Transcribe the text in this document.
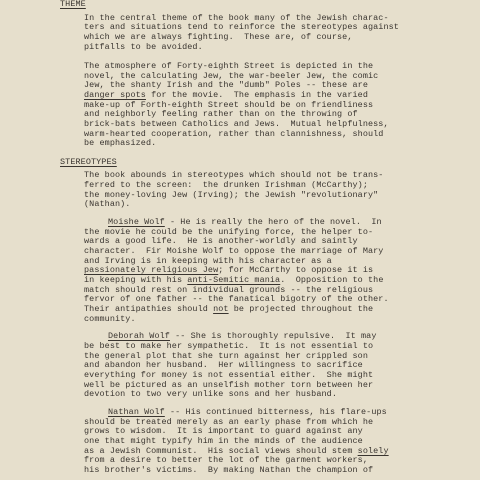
THEME
In the central theme of the book many of the Jewish charac-
ters and situations tend to reinforce the stereotypes against
which we are always fighting.  These are, of course,
pitfalls to be avoided.
The atmosphere of Forty-eighth Street is depicted in the
novel, the calculating Jew, the war-beeler Jew, the comic
Jew, the shanty Irish and the "dumb" Poles -- these are
danger spots for the movie.  The emphasis in the varied
make-up of Forth-eighth Street should be on friendliness
and neighborly feeling rather than on the throwing of
brick-bats between Catholics and Jews.  Mutual helpfulness,
warm-hearted cooperation, rather than clannishness, should
be emphasized.
STEREOTYPES
The book abounds in stereotypes which should not be trans-
ferred to the screen:  the drunken Irishman (McCarthy);
the money-loving Jew (Irving); the Jewish "revolutionary"
(Nathan).
Moishe Wolf - He is really the hero of the novel.  In
the movie he could be the unifying force, the helper to-
wards a good life.  He is another-worldly and saintly
character.  Fir Moishe Wolf to oppose the marriage of Mary
and Irving is in keeping with his character as a
passionately religious Jew; for McCarthy to oppose it is
in keeping with his anti-Semitic mania.  Opposition to the
match should rest on individual grounds -- the religious
fervor of one father -- the fanatical bigotry of the other.
Their antipathies should not be projected throughout the
community.
Deborah Wolf -- She is thoroughly repulsive.  It may
be best to make her sympathetic.  It is not essential to
the general plot that she turn against her crippled son
and abandon her husband.  Her willingness to sacrifice
everything for money is not essential either.  She might
well be pictured as an unselfish mother torn between her
devotion to two very unlike sons and her husband.
Nathan Wolf -- His continued bitterness, his flare-ups
should be treated merely as an early phase from which he
grows to wisdom.  It is important to guard against any
one that might typify him in the minds of the audience
as a Jewish Communist.  His social views should stem solely
from a desire to better the lot of the garment workers,
his brother's victims.  By making Nathan the champion of
